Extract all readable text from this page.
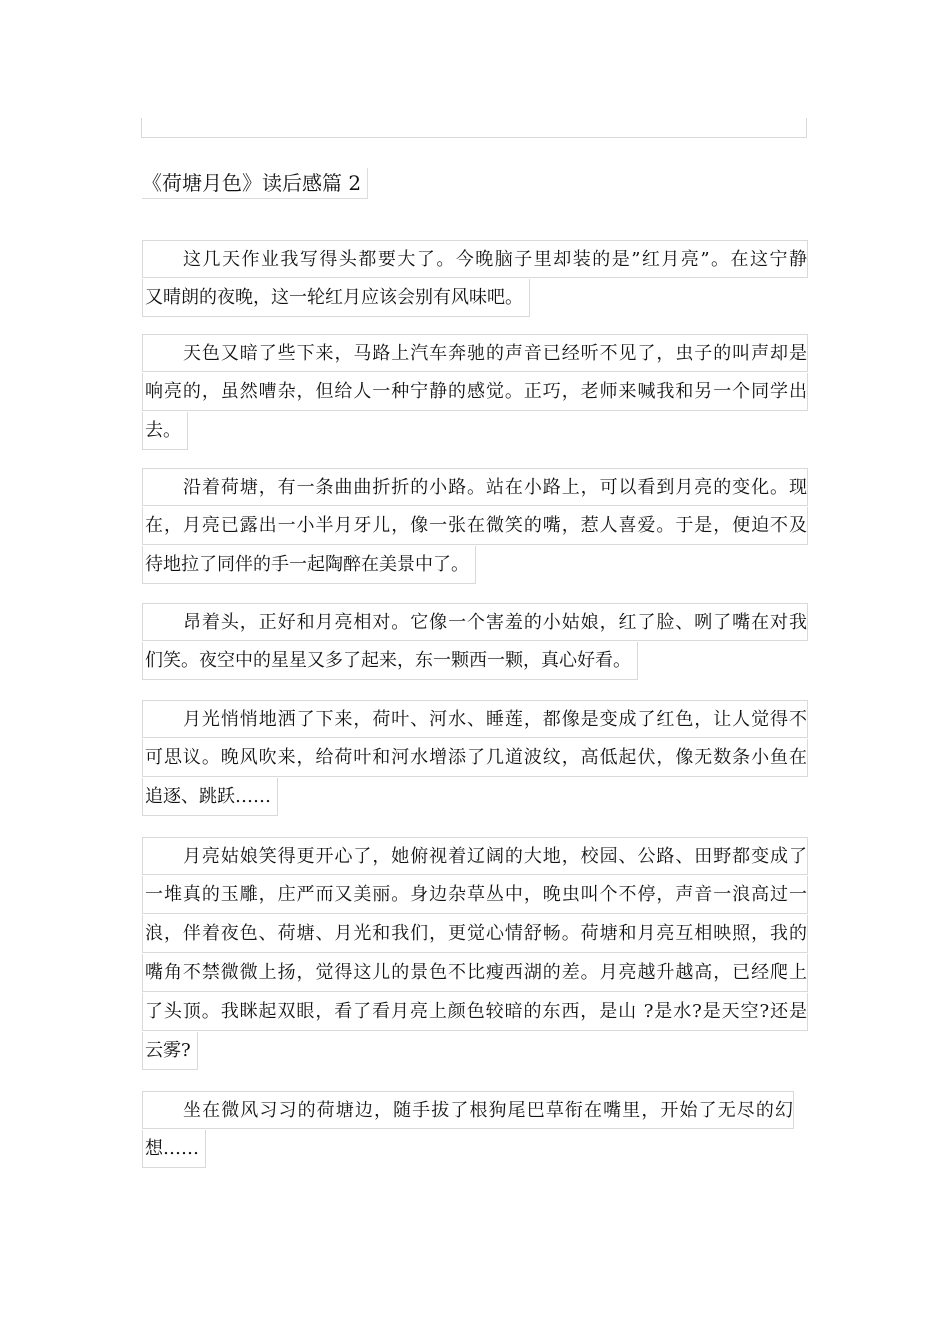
《荷塘月色》读后感篇 2
这几天作业我写得头都要大了。今晚脑子里却装的是”红月亮”。在这宁静
又晴朗的夜晚，这一轮红月应该会别有风味吧。
天色又暗了些下来，马路上汽车奔驰的声音已经听不见了，虫子的叫声却是
响亮的，虽然嘈杂，但给人一种宁静的感觉。正巧，老师来喊我和另一个同学出
去。
沿着荷塘，有一条曲曲折折的小路。站在小路上，可以看到月亮的变化。现
在，月亮已露出一小半月牙儿，像一张在微笑的嘴，惹人喜爱。于是，便迫不及
待地拉了同伴的手一起陶醉在美景中了。
昂着头，正好和月亮相对。它像一个害羞的小姑娘，红了脸、咧了嘴在对我
们笑。夜空中的星星又多了起来，东一颗西一颗，真心好看。
月光悄悄地洒了下来，荷叶、河水、睡莲，都像是变成了红色，让人觉得不
可思议。晚风吹来，给荷叶和河水增添了几道波纹，高低起伏，像无数条小鱼在
追逐、跳跃……
月亮姑娘笑得更开心了，她俯视着辽阔的大地，校园、公路、田野都变成了
一堆真的玉雕，庄严而又美丽。身边杂草丛中，晚虫叫个不停，声音一浪高过一
浪，伴着夜色、荷塘、月光和我们，更觉心情舒畅。荷塘和月亮互相映照，我的
嘴角不禁微微上扬，觉得这儿的景色不比瘦西湖的差。月亮越升越高，已经爬上
了头顶。我眯起双眼，看了看月亮上颜色较暗的东西，是山 ?是水?是天空?还是
云雾?
坐在微风习习的荷塘边，随手拔了根狗尾巴草衔在嘴里，开始了无尽的幻
想……
